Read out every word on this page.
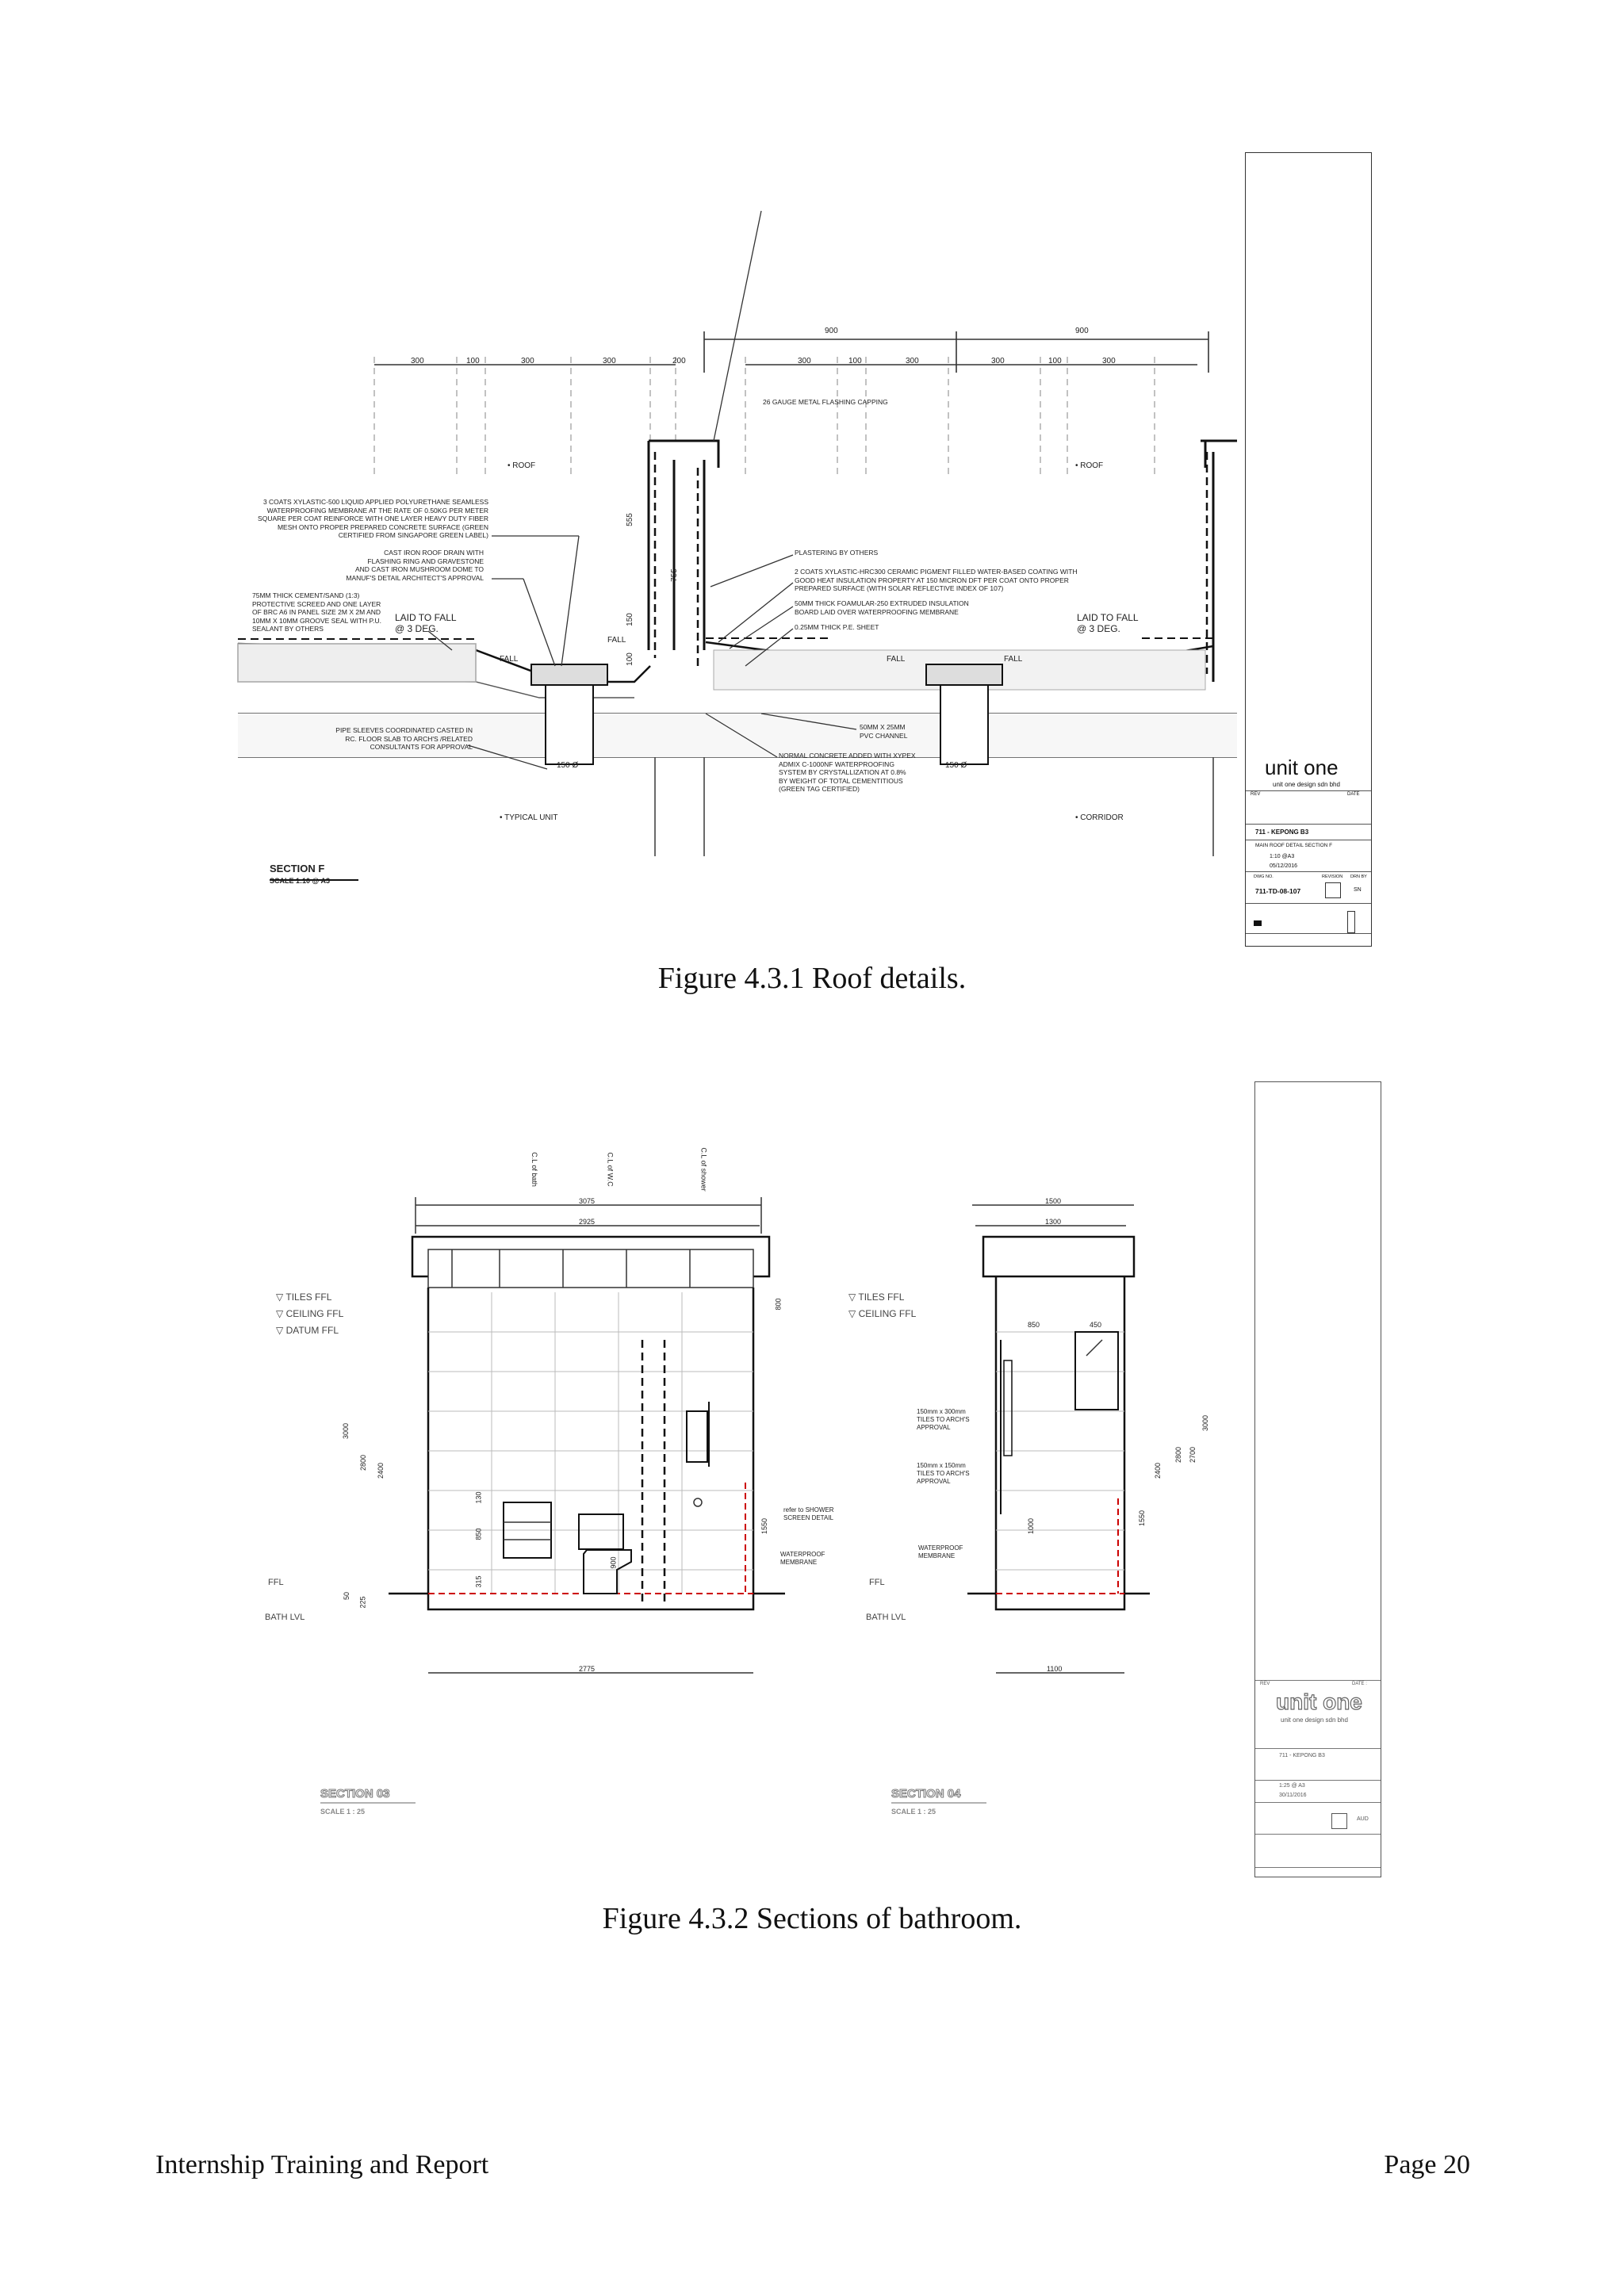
300	100	300	300	200	300	100	300	300	100	300
900	900
555
755
150
100
• ROOF	• ROOF
• TYPICAL UNIT	• CORRIDOR
FALL
FALL
FALL	FALL
LAID TO FALL
@ 3 DEG.
LAID TO FALL
@ 3 DEG.
150 Ø	150 Ø
3 COATS XYLASTIC-500 LIQUID APPLIED POLYURETHANE SEAMLESS
WATERPROOFING MEMBRANE AT THE RATE OF 0.50KG PER METER
SQUARE PER COAT REINFORCE WITH ONE LAYER HEAVY DUTY FIBER
MESH ONTO PROPER PREPARED CONCRETE SURFACE (GREEN
CERTIFIED FROM SINGAPORE GREEN LABEL)
CAST IRON ROOF DRAIN WITH
FLASHING RING AND GRAVESTONE
AND CAST IRON MUSHROOM DOME TO
MANUF'S DETAIL ARCHITECT'S APPROVAL
75MM THICK CEMENT/SAND (1:3)
PROTECTIVE SCREED AND ONE LAYER
OF BRC A6 IN PANEL SIZE 2M X 2M AND
10MM X 10MM GROOVE SEAL WITH P.U.
SEALANT BY OTHERS
PIPE SLEEVES COORDINATED CASTED IN
RC. FLOOR SLAB TO ARCH'S /RELATED
CONSULTANTS FOR APPROVAL
26 GAUGE METAL FLASHING CAPPING
PLASTERING BY OTHERS
2 COATS XYLASTIC-HRC300 CERAMIC PIGMENT FILLED WATER-BASED COATING WITH
GOOD HEAT INSULATION PROPERTY AT 150 MICRON DFT PER COAT ONTO PROPER
PREPARED SURFACE (WITH SOLAR REFLECTIVE INDEX OF 107)
50MM THICK FOAMULAR-250 EXTRUDED INSULATION
BOARD LAID OVER WATERPROOFING MEMBRANE
0.25MM THICK P.E. SHEET
50MM X 25MM
PVC CHANNEL
NORMAL CONCRETE ADDED WITH XYPEX
ADMIX C-1000NF WATERPROOFING
SYSTEM BY CRYSTALLIZATION AT 0.8%
BY WEIGHT OF TOTAL CEMENTITIOUS
(GREEN TAG CERTIFIED)
SECTION F
SCALE 1:10 @ A3
REV	DATE
unit one
unit one design sdn bhd
711 - KEPONG B3
MAIN ROOF DETAIL SECTION F
1:10 @A3
05/12/2016
DWG NO.	REVISION DRN BY
711-TD-08-107	SN
Figure 4.3.1 Roof details.
3075
2925
2775
C.L of bath	C.L of W.C	C.L of shower
▽ TILES FFL
▽ CEILING FFL
▽ DATUM FFL
FFL
BATH LVL
3000
2800 2400
800
1550
900
315
130
850
50
225
refer to SHOWER
SCREEN DETAIL
WATERPROOF
MEMBRANE
SECTION 03
SCALE 1 : 25
1500
1300
850	450
1100
▽ TILES FFL
▽ CEILING FFL
FFL
BATH LVL
3000
2800 2700
2400
1550
1000
150mm x 300mm
TILES TO ARCH'S
APPROVAL
150mm x 150mm
TILES TO ARCH'S
APPROVAL
WATERPROOF
MEMBRANE
SECTION 04
SCALE 1 : 25
REV	DATE :
unit one
unit one design sdn bhd
711 - KEPONG B3
1:25 @ A3
30/11/2016
AUD
Figure 4.3.2 Sections of bathroom.
Internship Training and Report	Page 20
